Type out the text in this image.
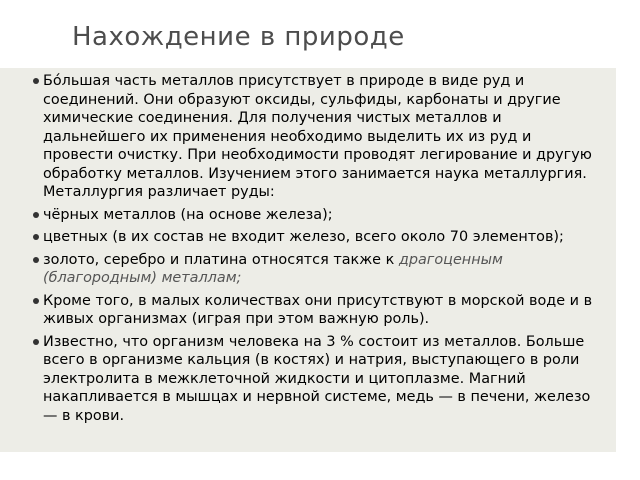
Нахождение в природе
Бóльшая часть металлов присутствует в природе в виде руд и соединений. Они образуют оксиды, сульфиды, карбонаты и другие химические соединения. Для получения чистых металлов и дальнейшего их применения необходимо выделить их из руд и провести очистку. При необходимости проводят легирование и другую обработку металлов. Изучением этого занимается наука металлургия. Металлургия различает руды:
чёрных металлов (на основе железа);
цветных (в их состав не входит железо, всего около 70 элементов);
золото, серебро и платина относятся также к драгоценным (благородным) металлам;
Кроме того, в малых количествах они присутствуют в морской воде и в живых организмах (играя при этом важную роль).
Известно, что организм человека на 3 % состоит из металлов. Больше всего в организме кальция (в костях) и натрия, выступающего в роли электролита в межклеточной жидкости и цитоплазме. Магний накапливается в мышцах и нервной системе, медь — в печени, железо — в крови.
